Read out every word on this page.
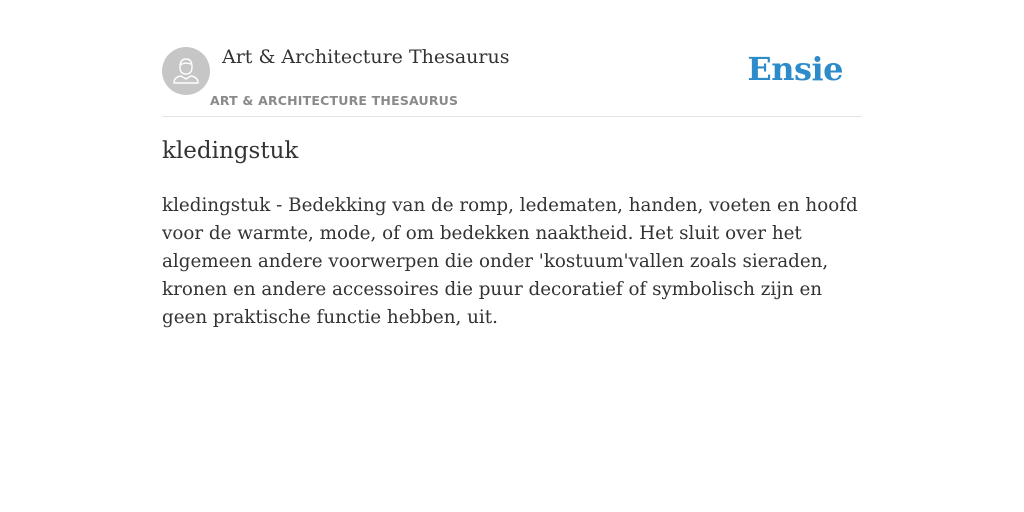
Art & Architecture Thesaurus
ART & ARCHITECTURE THESAURUS
Ensie
kledingstuk

kledingstuk - Bedekking van de romp, ledematen, handen, voeten en hoofd voor de warmte, mode, of om bedekken naaktheid. Het sluit over het algemeen andere voorwerpen die onder 'kostuum'vallen zoals sieraden, kronen en andere accessoires die puur decoratief of symbolisch zijn en geen praktische functie hebben, uit.
